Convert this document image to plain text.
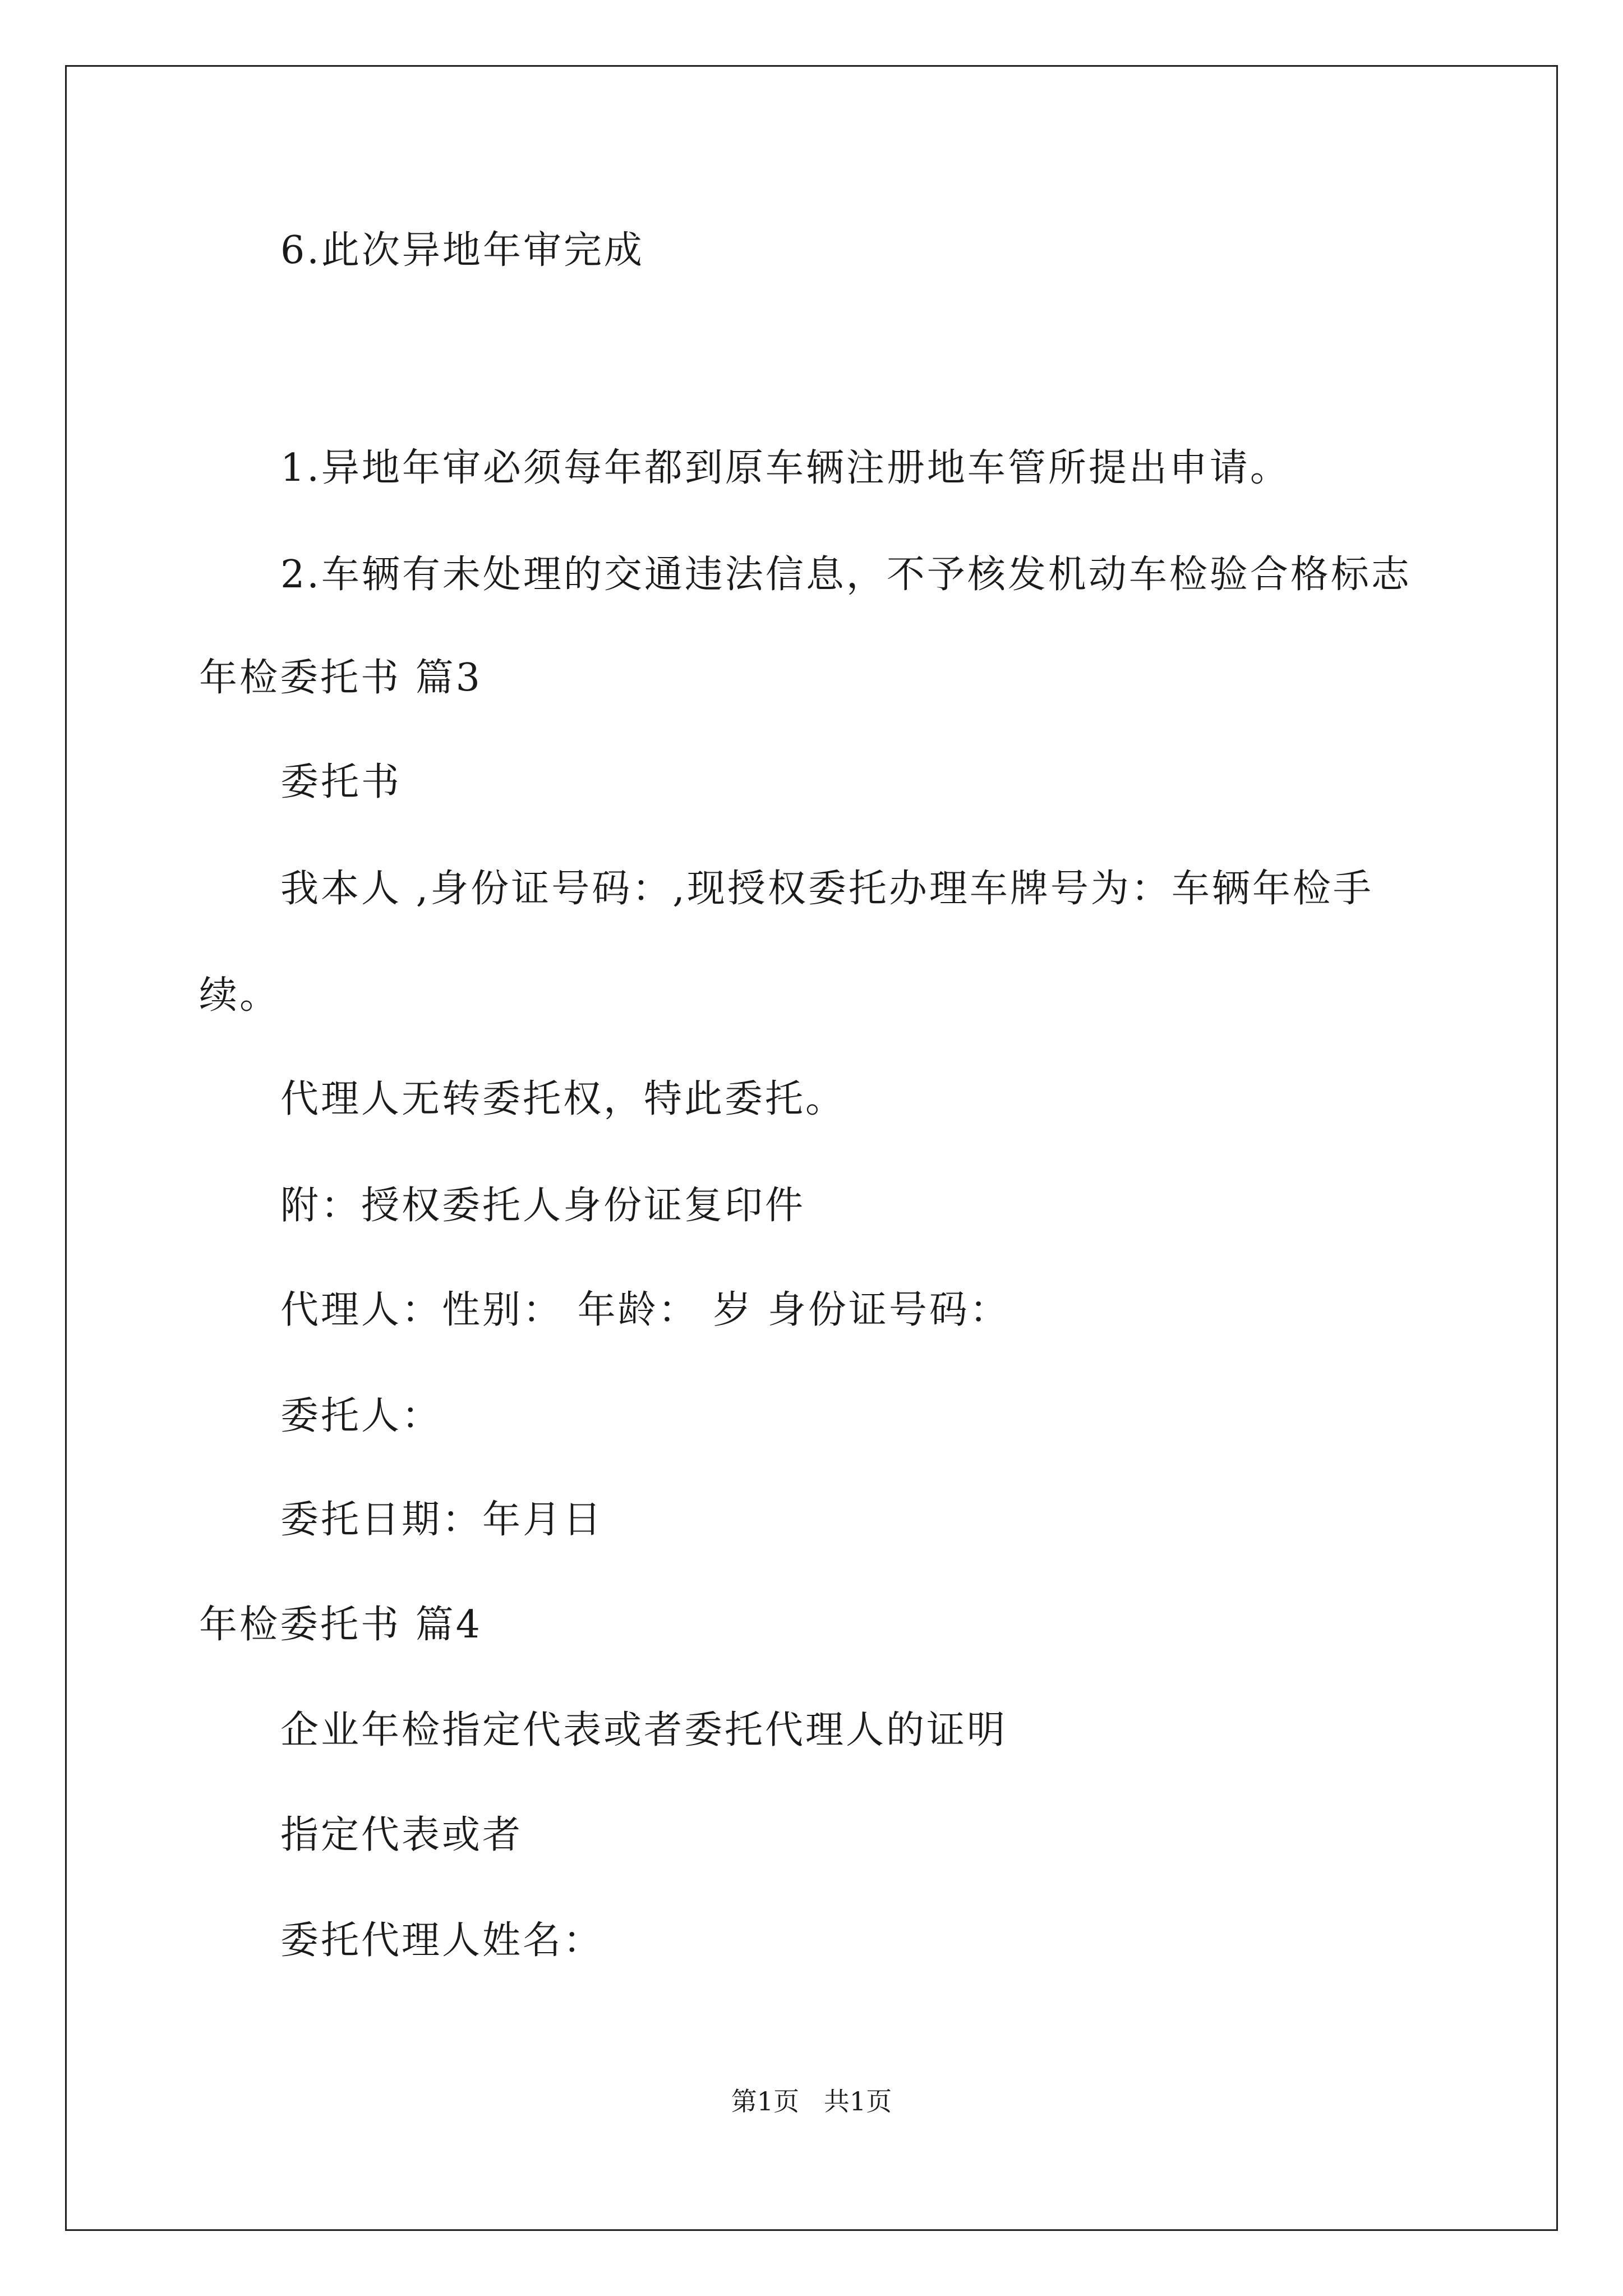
6.此次异地年审完成
1.异地年审必须每年都到原车辆注册地车管所提出申请。
2.车辆有未处理的交通违法信息，不予核发机动车检验合格标志
年检委托书 篇3
委托书
我本人 ,身份证号码：,现授权委托办理车牌号为：车辆年检手
续。
代理人无转委托权，特此委托。
附：授权委托人身份证复印件
代理人：性别： 年龄： 岁 身份证号码：
委托人：
委托日期：年月日
年检委托书 篇4
企业年检指定代表或者委托代理人的证明
指定代表或者
委托代理人姓名：
第1页   共1页
